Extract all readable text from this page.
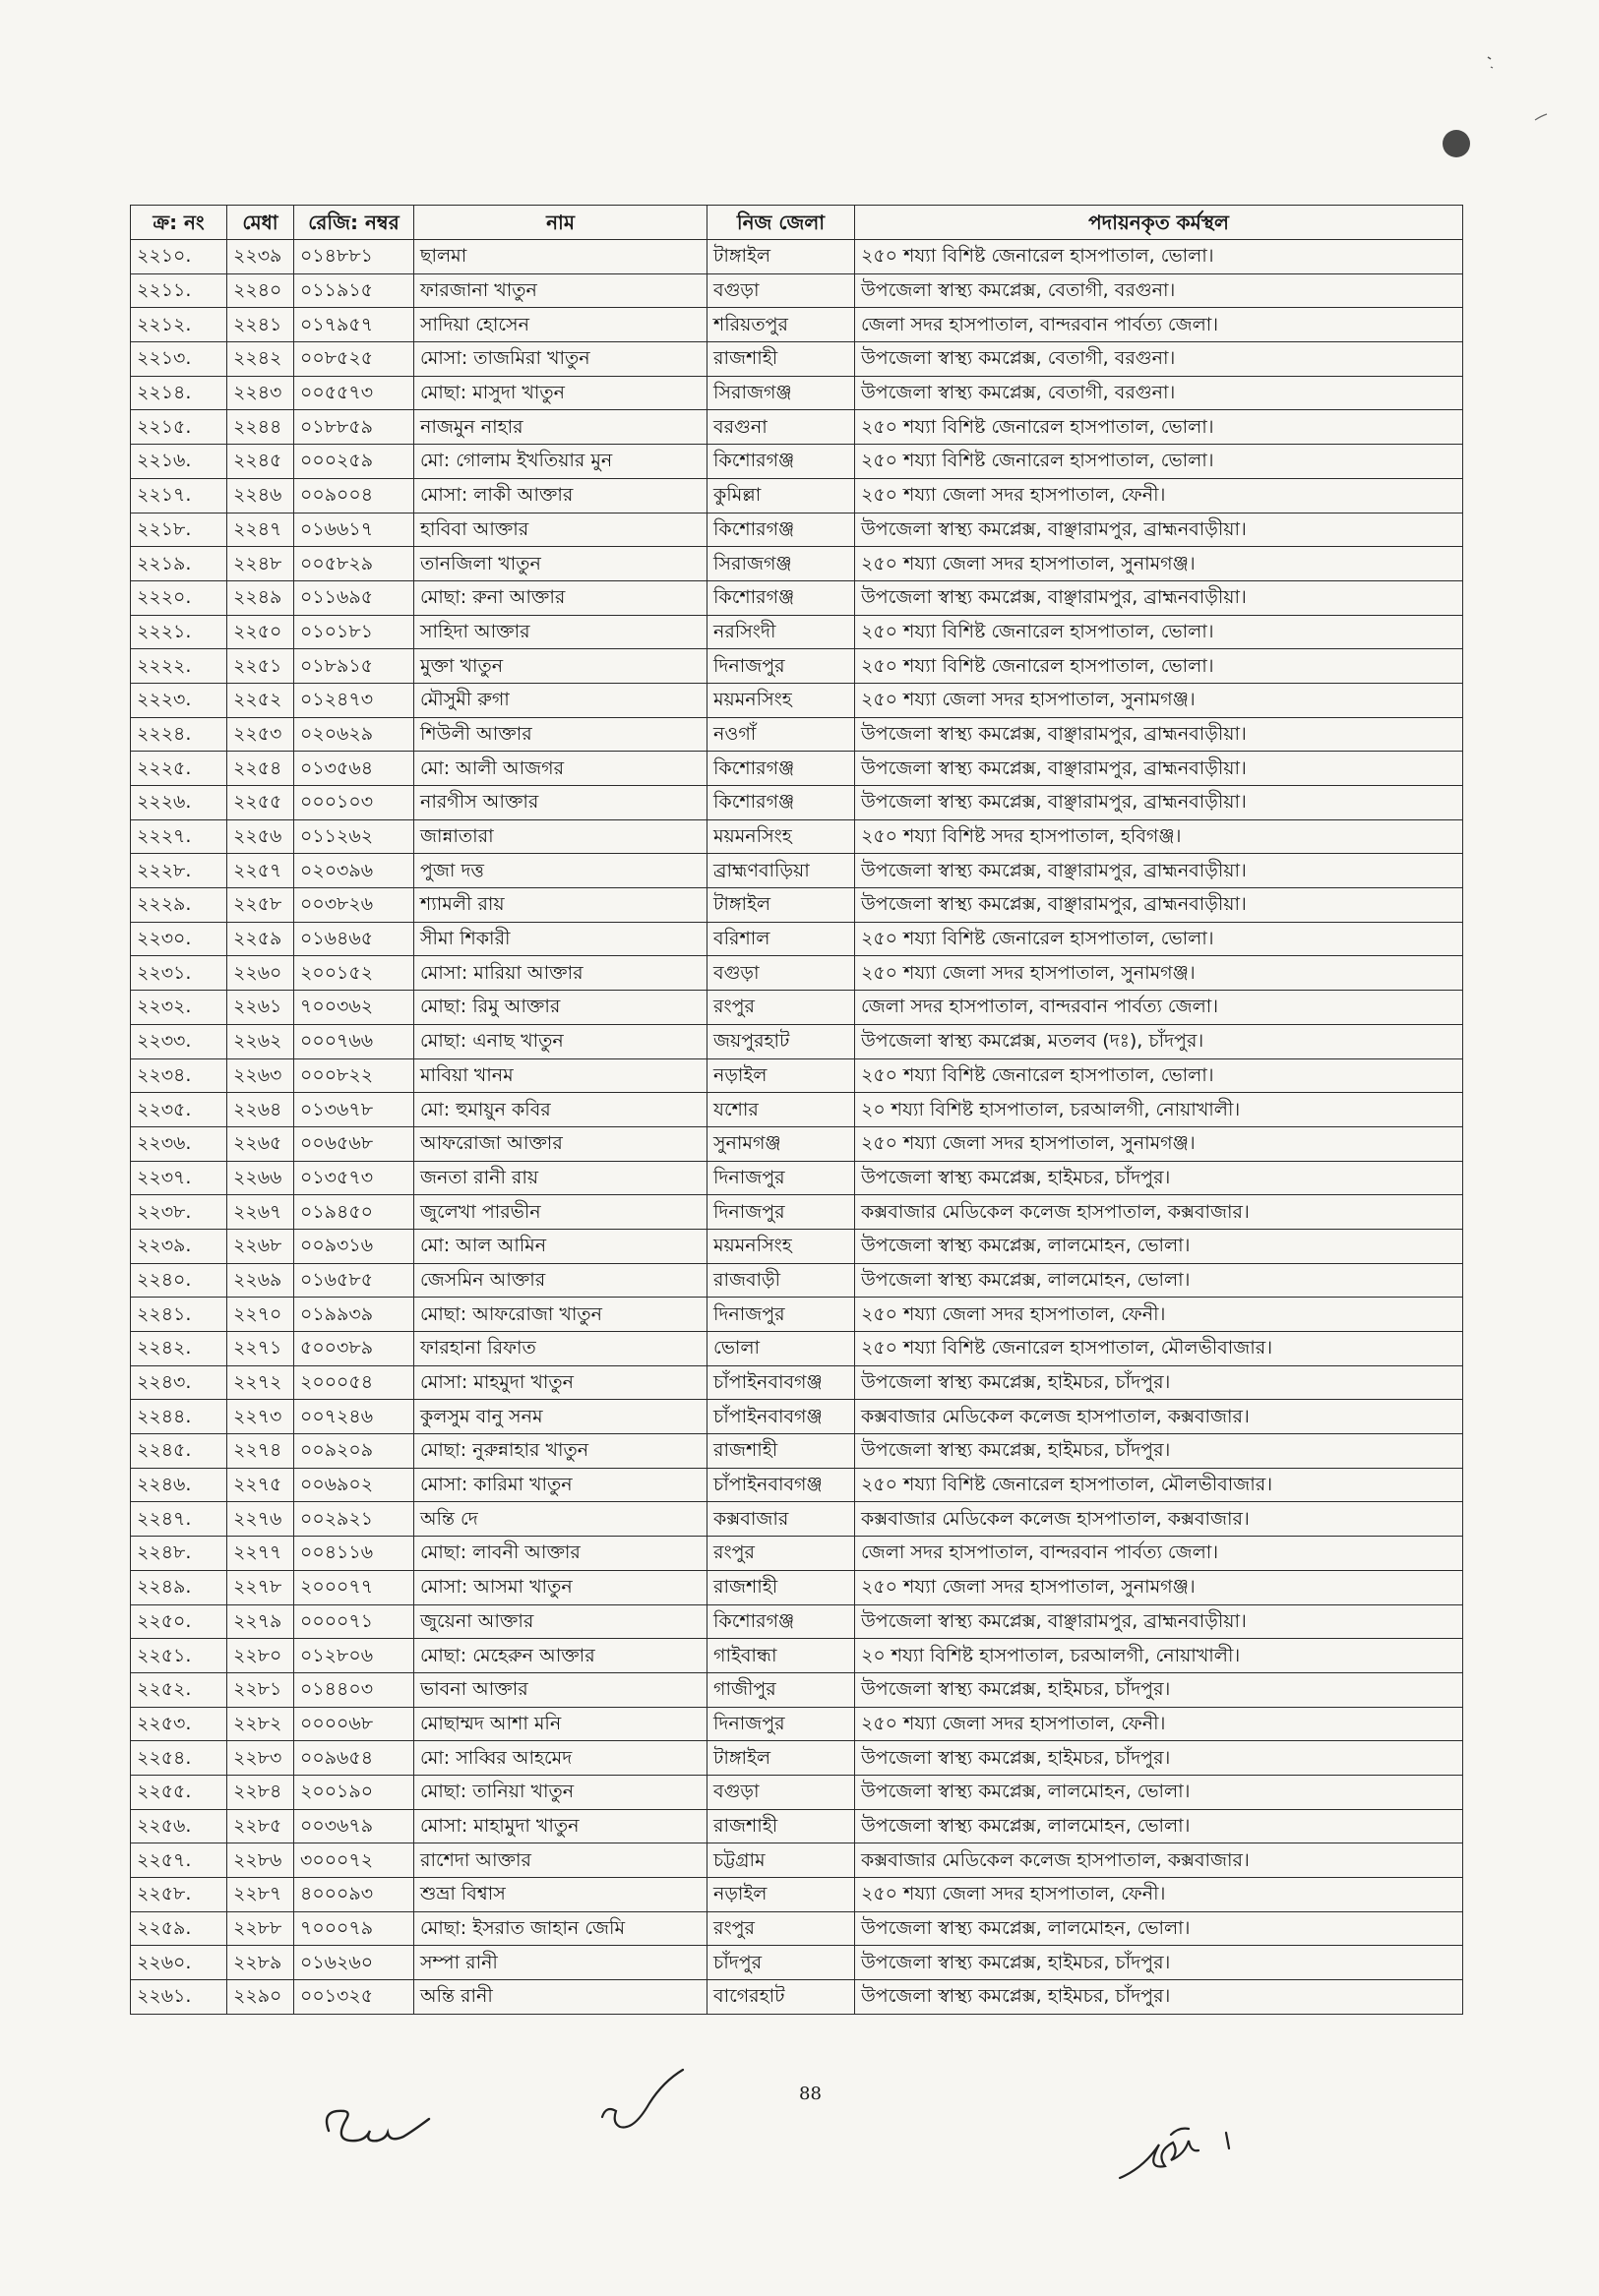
ক্র: নং	মেধা	রেজি: নম্বর	নাম	নিজ জেলা	পদায়নকৃত কর্মস্থল
২২১০.	২২৩৯	০১৪৮৮১	ছালমা	টাঙ্গাইল	২৫০ শয্যা বিশিষ্ট জেনারেল হাসপাতাল, ভোলা।
২২১১.	২২৪০	০১১৯১৫	ফারজানা খাতুন	বগুড়া	উপজেলা স্বাস্থ্য কমপ্লেক্স, বেতাগী, বরগুনা।
২২১২.	২২৪১	০১৭৯৫৭	সাদিয়া হোসেন	শরিয়তপুর	জেলা সদর হাসপাতাল, বান্দরবান পার্বত্য জেলা।
২২১৩.	২২৪২	০০৮৫২৫	মোসা: তাজমিরা খাতুন	রাজশাহী	উপজেলা স্বাস্থ্য কমপ্লেক্স, বেতাগী, বরগুনা।
২২১৪.	২২৪৩	০০৫৫৭৩	মোছা: মাসুদা খাতুন	সিরাজগঞ্জ	উপজেলা স্বাস্থ্য কমপ্লেক্স, বেতাগী, বরগুনা।
২২১৫.	২২৪৪	০১৮৮৫৯	নাজমুন নাহার	বরগুনা	২৫০ শয্যা বিশিষ্ট জেনারেল হাসপাতাল, ভোলা।
২২১৬.	২২৪৫	০০০২৫৯	মো: গোলাম ইখতিয়ার মুন	কিশোরগঞ্জ	২৫০ শয্যা বিশিষ্ট জেনারেল হাসপাতাল, ভোলা।
২২১৭.	২২৪৬	০০৯০০৪	মোসা: লাকী আক্তার	কুমিল্লা	২৫০ শয্যা জেলা সদর হাসপাতাল, ফেনী।
২২১৮.	২২৪৭	০১৬৬১৭	হাবিবা আক্তার	কিশোরগঞ্জ	উপজেলা স্বাস্থ্য কমপ্লেক্স, বাঞ্ছারামপুর, ব্রাহ্মনবাড়ীয়া।
২২১৯.	২২৪৮	০০৫৮২৯	তানজিলা খাতুন	সিরাজগঞ্জ	২৫০ শয্যা জেলা সদর হাসপাতাল, সুনামগঞ্জ।
২২২০.	২২৪৯	০১১৬৯৫	মোছা: রুনা আক্তার	কিশোরগঞ্জ	উপজেলা স্বাস্থ্য কমপ্লেক্স, বাঞ্ছারামপুর, ব্রাহ্মনবাড়ীয়া।
২২২১.	২২৫০	০১০১৮১	সাহিদা আক্তার	নরসিংদী	২৫০ শয্যা বিশিষ্ট জেনারেল হাসপাতাল, ভোলা।
২২২২.	২২৫১	০১৮৯১৫	মুক্তা খাতুন	দিনাজপুর	২৫০ শয্যা বিশিষ্ট জেনারেল হাসপাতাল, ভোলা।
২২২৩.	২২৫২	০১২৪৭৩	মৌসুমী রুগা	ময়মনসিংহ	২৫০ শয্যা জেলা সদর হাসপাতাল, সুনামগঞ্জ।
২২২৪.	২২৫৩	০২০৬২৯	শিউলী আক্তার	নওগাঁ	উপজেলা স্বাস্থ্য কমপ্লেক্স, বাঞ্ছারামপুর, ব্রাহ্মনবাড়ীয়া।
২২২৫.	২২৫৪	০১৩৫৬৪	মো: আলী আজগর	কিশোরগঞ্জ	উপজেলা স্বাস্থ্য কমপ্লেক্স, বাঞ্ছারামপুর, ব্রাহ্মনবাড়ীয়া।
২২২৬.	২২৫৫	০০০১০৩	নারগীস আক্তার	কিশোরগঞ্জ	উপজেলা স্বাস্থ্য কমপ্লেক্স, বাঞ্ছারামপুর, ব্রাহ্মনবাড়ীয়া।
২২২৭.	২২৫৬	০১১২৬২	জান্নাতারা	ময়মনসিংহ	২৫০ শয্যা বিশিষ্ট সদর হাসপাতাল, হবিগঞ্জ।
২২২৮.	২২৫৭	০২০৩৯৬	পুজা দত্ত	ব্রাহ্মণবাড়িয়া	উপজেলা স্বাস্থ্য কমপ্লেক্স, বাঞ্ছারামপুর, ব্রাহ্মনবাড়ীয়া।
২২২৯.	২২৫৮	০০৩৮২৬	শ্যামলী রায়	টাঙ্গাইল	উপজেলা স্বাস্থ্য কমপ্লেক্স, বাঞ্ছারামপুর, ব্রাহ্মনবাড়ীয়া।
২২৩০.	২২৫৯	০১৬৪৬৫	সীমা শিকারী	বরিশাল	২৫০ শয্যা বিশিষ্ট জেনারেল হাসপাতাল, ভোলা।
২২৩১.	২২৬০	২০০১৫২	মোসা: মারিয়া আক্তার	বগুড়া	২৫০ শয্যা জেলা সদর হাসপাতাল, সুনামগঞ্জ।
২২৩২.	২২৬১	৭০০৩৬২	মোছা: রিমু আক্তার	রংপুর	জেলা সদর হাসপাতাল, বান্দরবান পার্বত্য জেলা।
২২৩৩.	২২৬২	০০০৭৬৬	মোছা: এনাছ খাতুন	জয়পুরহাট	উপজেলা স্বাস্থ্য কমপ্লেক্স, মতলব (দঃ), চাঁদপুর।
২২৩৪.	২২৬৩	০০০৮২২	মাবিয়া খানম	নড়াইল	২৫০ শয্যা বিশিষ্ট জেনারেল হাসপাতাল, ভোলা।
২২৩৫.	২২৬৪	০১৩৬৭৮	মো: হুমায়ুন কবির	যশোর	২০ শয্যা বিশিষ্ট হাসপাতাল, চরআলগী, নোয়াখালী।
২২৩৬.	২২৬৫	০০৬৫৬৮	আফরোজা আক্তার	সুনামগঞ্জ	২৫০ শয্যা জেলা সদর হাসপাতাল, সুনামগঞ্জ।
২২৩৭.	২২৬৬	০১৩৫৭৩	জনতা রানী রায়	দিনাজপুর	উপজেলা স্বাস্থ্য কমপ্লেক্স, হাইমচর, চাঁদপুর।
২২৩৮.	২২৬৭	০১৯৪৫০	জুলেখা পারভীন	দিনাজপুর	কক্সবাজার মেডিকেল কলেজ হাসপাতাল, কক্সবাজার।
২২৩৯.	২২৬৮	০০৯৩১৬	মো: আল আমিন	ময়মনসিংহ	উপজেলা স্বাস্থ্য কমপ্লেক্স, লালমোহন, ভোলা।
২২৪০.	২২৬৯	০১৬৫৮৫	জেসমিন আক্তার	রাজবাড়ী	উপজেলা স্বাস্থ্য কমপ্লেক্স, লালমোহন, ভোলা।
২২৪১.	২২৭০	০১৯৯৩৯	মোছা: আফরোজা খাতুন	দিনাজপুর	২৫০ শয্যা জেলা সদর হাসপাতাল, ফেনী।
২২৪২.	২২৭১	৫০০৩৮৯	ফারহানা রিফাত	ভোলা	২৫০ শয্যা বিশিষ্ট জেনারেল হাসপাতাল, মৌলভীবাজার।
২২৪৩.	২২৭২	২০০০৫৪	মোসা: মাহমুদা খাতুন	চাঁপাইনবাবগঞ্জ	উপজেলা স্বাস্থ্য কমপ্লেক্স, হাইমচর, চাঁদপুর।
২২৪৪.	২২৭৩	০০৭২৪৬	কুলসুম বানু সনম	চাঁপাইনবাবগঞ্জ	কক্সবাজার মেডিকেল কলেজ হাসপাতাল, কক্সবাজার।
২২৪৫.	২২৭৪	০০৯২০৯	মোছা: নুরুন্নাহার খাতুন	রাজশাহী	উপজেলা স্বাস্থ্য কমপ্লেক্স, হাইমচর, চাঁদপুর।
২২৪৬.	২২৭৫	০০৬৯০২	মোসা: কারিমা খাতুন	চাঁপাইনবাবগঞ্জ	২৫০ শয্যা বিশিষ্ট জেনারেল হাসপাতাল, মৌলভীবাজার।
২২৪৭.	২২৭৬	০০২৯২১	অন্তি দে	কক্সবাজার	কক্সবাজার মেডিকেল কলেজ হাসপাতাল, কক্সবাজার।
২২৪৮.	২২৭৭	০০৪১১৬	মোছা: লাবনী আক্তার	রংপুর	জেলা সদর হাসপাতাল, বান্দরবান পার্বত্য জেলা।
২২৪৯.	২২৭৮	২০০০৭৭	মোসা: আসমা খাতুন	রাজশাহী	২৫০ শয্যা জেলা সদর হাসপাতাল, সুনামগঞ্জ।
২২৫০.	২২৭৯	০০০০৭১	জুয়েনা আক্তার	কিশোরগঞ্জ	উপজেলা স্বাস্থ্য কমপ্লেক্স, বাঞ্ছারামপুর, ব্রাহ্মনবাড়ীয়া।
২২৫১.	২২৮০	০১২৮০৬	মোছা: মেহেরুন আক্তার	গাইবান্ধা	২০ শয্যা বিশিষ্ট হাসপাতাল, চরআলগী, নোয়াখালী।
২২৫২.	২২৮১	০১৪৪০৩	ভাবনা আক্তার	গাজীপুর	উপজেলা স্বাস্থ্য কমপ্লেক্স, হাইমচর, চাঁদপুর।
২২৫৩.	২২৮২	০০০০৬৮	মোছাম্মদ আশা মনি	দিনাজপুর	২৫০ শয্যা জেলা সদর হাসপাতাল, ফেনী।
২২৫৪.	২২৮৩	০০৯৬৫৪	মো: সাব্বির আহমেদ	টাঙ্গাইল	উপজেলা স্বাস্থ্য কমপ্লেক্স, হাইমচর, চাঁদপুর।
২২৫৫.	২২৮৪	২০০১৯০	মোছা: তানিয়া খাতুন	বগুড়া	উপজেলা স্বাস্থ্য কমপ্লেক্স, লালমোহন, ভোলা।
২২৫৬.	২২৮৫	০০৩৬৭৯	মোসা: মাহামুদা খাতুন	রাজশাহী	উপজেলা স্বাস্থ্য কমপ্লেক্স, লালমোহন, ভোলা।
২২৫৭.	২২৮৬	৩০০০৭২	রাশেদা আক্তার	চট্টগ্রাম	কক্সবাজার মেডিকেল কলেজ হাসপাতাল, কক্সবাজার।
২২৫৮.	২২৮৭	৪০০০৯৩	শুভ্রা বিশ্বাস	নড়াইল	২৫০ শয্যা জেলা সদর হাসপাতাল, ফেনী।
২২৫৯.	২২৮৮	৭০০০৭৯	মোছা: ইসরাত জাহান জেমি	রংপুর	উপজেলা স্বাস্থ্য কমপ্লেক্স, লালমোহন, ভোলা।
২২৬০.	২২৮৯	০১৬২৬০	সম্পা রানী	চাঁদপুর	উপজেলা স্বাস্থ্য কমপ্লেক্স, হাইমচর, চাঁদপুর।
২২৬১.	২২৯০	০০১৩২৫	অন্তি রানী	বাগেরহাট	উপজেলা স্বাস্থ্য কমপ্লেক্স, হাইমচর, চাঁদপুর।
88
